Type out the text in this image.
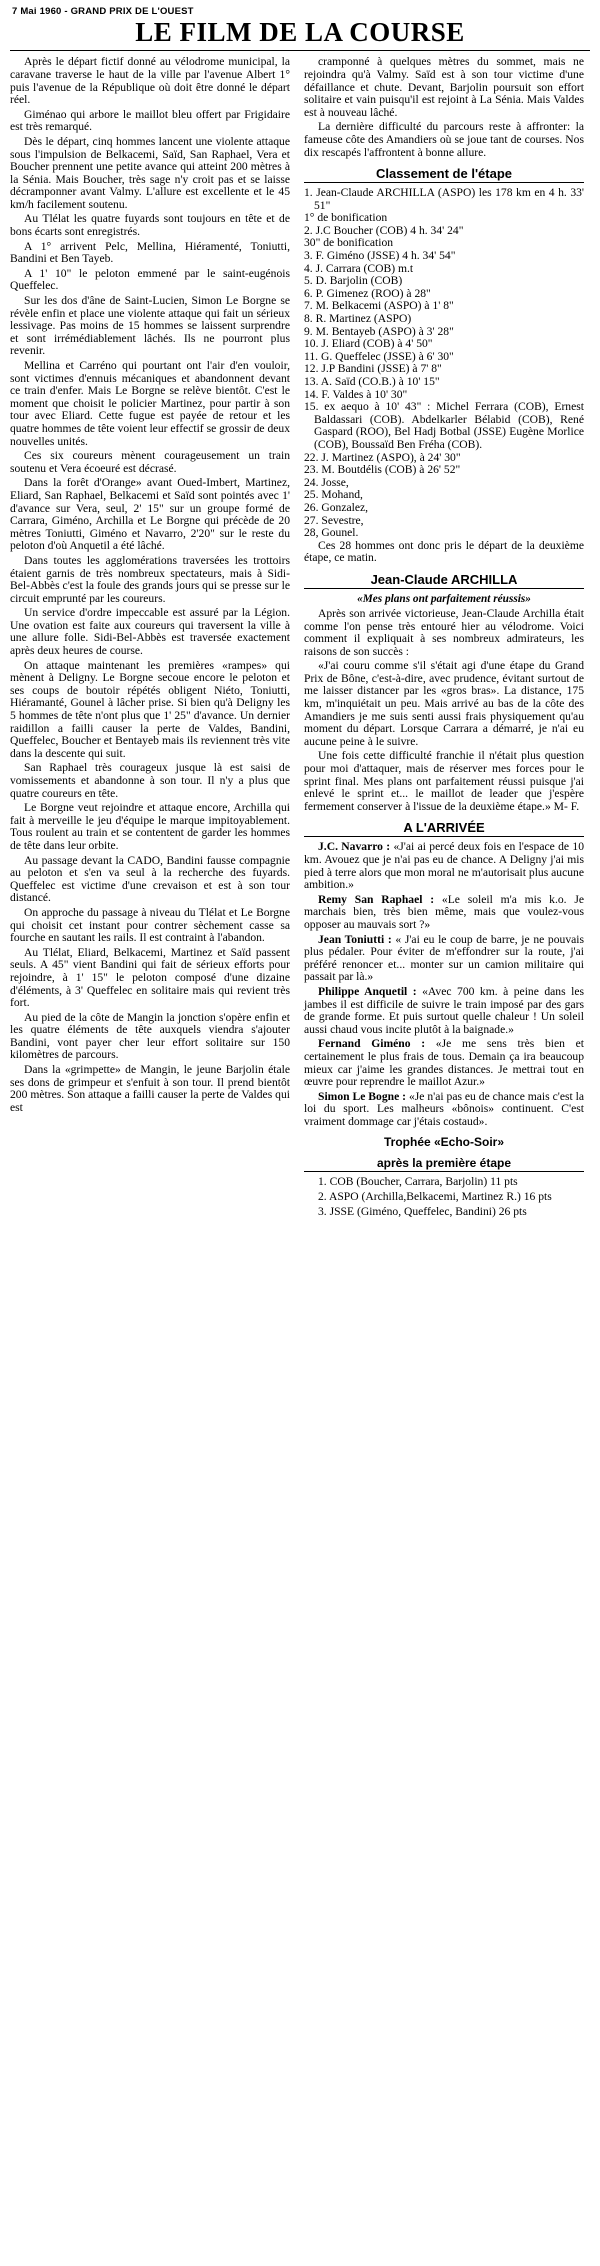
7 Mai 1960 - GRAND PRIX DE L'OUEST
LE FILM DE LA COURSE

Après le départ fictif donné au vélodrome municipal, la caravane traverse le haut de la ville par l'avenue Albert 1° puis l'avenue de la République où doit être donné le départ réel.

Giménao qui arbore le maillot bleu offert par Frigidaire est très remarqué.

Dès le départ, cinq hommes lancent une violente attaque sous l'impulsion de Belkacemi, Saïd, San Raphael, Vera et Boucher prennent une petite avance qui atteint 200 mètres à la Sénia. Mais Boucher, très sage n'y croit pas et se laisse décramponner avant Valmy. L'allure est excellente et le 45 km/h facilement soutenu.

Au Tlélat les quatre fuyards sont toujours en tête et de bons écarts sont enregistrés.

A 1° arrivent Pelc, Mellina, Hiéramenté, Toniutti, Bandini et Ben Tayeb.

A 1' 10" le peloton emmené par le saint-eugénois Queffelec.

Sur les dos d'âne de Saint-Lucien, Simon Le Borgne se révèle enfin et place une violente attaque qui fait un sérieux lessivage. Pas moins de 15 hommes se laissent surprendre et sont irrémédiablement lâchés. Ils ne pourront plus revenir.

Mellina et Carréno qui pourtant ont l'air d'en vouloir, sont victimes d'ennuis mécaniques et abandonnent devant ce train d'enfer. Mais Le Borgne se relève bientôt. C'est le moment que choisit le policier Martinez, pour partir à son tour avec Eliard. Cette fugue est payée de retour et les quatre hommes de tête voient leur effectif se grossir de deux nouvelles unités.

Ces six coureurs mènent courageusement un train soutenu et Vera écoeuré est décrasé.

Dans la forêt d'Orange» avant Oued-Imbert, Martinez, Eliard, San Raphael, Belkacemi et Saïd sont pointés avec 1' d'avance sur Vera, seul, 2' 15" sur un groupe formé de Carrara, Giméno, Archilla et Le Borgne qui précède de 20 mètres Toniutti, Giméno et Navarro, 2'20" sur le reste du peloton d'où Anquetil a été lâché.

Dans toutes les agglomérations traversées les trottoirs étaient garnis de très nombreux spectateurs, mais à Sidi-Bel-Abbès c'est la foule des grands jours qui se presse sur le circuit emprunté par les coureurs.

Un service d'ordre impeccable est assuré par la Légion. Une ovation est faite aux coureurs qui traversent la ville à une allure folle. Sidi-Bel-Abbès est traversée exactement après deux heures de course.

On attaque maintenant les premières «rampes» qui mènent à Deligny. Le Borgne secoue encore le peloton et ses coups de boutoir répétés obligent Niéto, Toniutti, Hiéramanté, Gounel à lâcher prise. Si bien qu'à Deligny les 5 hommes de tête n'ont plus que 1' 25" d'avance. Un dernier raidillon a failli causer la perte de Valdes, Bandini, Queffelec, Boucher et Bentayeb mais ils reviennent très vite dans la descente qui suit.

San Raphael très courageux jusque là est saisi de vomissements et abandonne à son tour. Il n'y a plus que quatre coureurs en tête.

Le Borgne veut rejoindre et attaque encore, Archilla qui fait à merveille le jeu d'équipe le marque impitoyablement. Tous roulent au train et se contentent de garder les hommes de tête dans leur orbite.

Au passage devant la CADO, Bandini fausse compagnie au peloton et s'en va seul à la recherche des fuyards. Queffelec est victime d'une crevaison et est à son tour distancé.

On approche du passage à niveau du Tlélat et Le Borgne qui choisit cet instant pour contrer sèchement casse sa fourche en sautant les rails. Il est contraint à l'abandon.

Au Tlélat, Eliard, Belkacemi, Martinez et Saïd passent seuls. A 45" vient Bandini qui fait de sérieux efforts pour rejoindre, à 1' 15" le peloton composé d'une dizaine d'éléments, à 3' Queffelec en solitaire mais qui revient très fort.

Au pied de la côte de Mangin la jonction s'opère enfin et les quatre éléments de tête auxquels viendra s'ajouter Bandini, vont payer cher leur effort solitaire sur 150 kilomètres de parcours.

Dans la «grimpette» de Mangin, le jeune Barjolin étale ses dons de grimpeur et s'enfuit à son tour. Il prend bientôt 200 mètres. Son attaque a failli causer la perte de Valdes qui est

cramponné à quelques mètres du sommet, mais ne rejoindra qu'à Valmy. Saïd est à son tour victime d'une défaillance et chute. Devant, Barjolin poursuit son effort solitaire et vain puisqu'il est rejoint à La Sénia. Mais Valdes est à nouveau lâché.

La dernière difficulté du parcours reste à affronter: la fameuse côte des Amandiers où se joue tant de courses. Nos dix rescapés l'affrontent à bonne allure.

Classement de l'étape
1. Jean-Claude ARCHILLA (ASPO) les 178 km en 4 h. 33' 51"
1° de bonification
2. J.C Boucher (COB) 4 h. 34' 24"
30" de bonification
3. F. Giméno (JSSE) 4 h. 34' 54"
4. J. Carrara (COB) m.t
5. D. Barjolin (COB)
6. P. Gimenez (ROO) à 28"
7. M. Belkacemi (ASPO) à 1' 8"
8. R. Martinez (ASPO)
9. M. Bentayeb (ASPO) à 3' 28"
10. J. Eliard (COB) à 4' 50"
11. G. Queffelec (JSSE) à 6' 30"
12. J.P Bandini (JSSE) à 7' 8"
13. A. Saïd (CO.B.) à 10' 15"
14. F. Valdes à 10' 30"
15. ex aequo à 10' 43" : Michel Ferrara (COB), Ernest Baldassari (COB). Abdelkarler Bélabid (COB), René Gaspard (ROO), Bel Hadj Botbal (JSSE) Eugène Morlice (COB), Boussaïd Ben Fréha (COB).
22. J. Martinez (ASPO), à 24' 30"
23. M. Boutdélis (COB) à 26' 52"
24. Josse,
25. Mohand,
26. Gonzalez,
27. Sevestre,
28, Gounel.

Ces 28 hommes ont donc pris le départ de la deuxième étape, ce matin.

Jean-Claude ARCHILLA
«Mes plans ont parfaitement réussis»

Après son arrivée victorieuse, Jean-Claude Archilla était comme l'on pense très entouré hier au vélodrome. Voici comment il expliquait à ses nombreux admirateurs, les raisons de son succès :

«J'ai couru comme s'il s'était agi d'une étape du Grand Prix de Bône, c'est-à-dire, avec prudence, évitant surtout de me laisser distancer par les «gros bras». La distance, 175 km, m'inquiétait un peu. Mais arrivé au bas de la côte des Amandiers je me suis senti aussi frais physiquement qu'au moment du départ. Lorsque Carrara a démarré, je n'ai eu aucune peine à le suivre.

Une fois cette difficulté franchie il n'était plus question pour moi d'attaquer, mais de réserver mes forces pour le sprint final. Mes plans ont parfaitement réussi puisque j'ai enlevé le sprint et... le maillot de leader que j'espère fermement conserver à l'issue de la deuxième étape.» M- F.

A L'ARRIVÉE

J.C. Navarro : «J'ai ai percé deux fois en l'espace de 10 km. Avouez que je n'ai pas eu de chance. A Deligny j'ai mis pied à terre alors que mon moral ne m'autorisait plus aucune ambition.»

Remy San Raphael : «Le soleil m'a mis k.o. Je marchais bien, très bien même, mais que voulez-vous opposer au mauvais sort ?»

Jean Toniutti : « J'ai eu le coup de barre, je ne pouvais plus pédaler. Pour éviter de m'effondrer sur la route, j'ai préféré renoncer et... monter sur un camion militaire qui passait par là.»

Philippe Anquetil : «Avec 700 km. à peine dans les jambes il est difficile de suivre le train imposé par des gars de grande forme. Et puis surtout quelle chaleur ! Un soleil aussi chaud vous incite plutôt à la baignade.»

Fernand Giméno : «Je me sens très bien et certainement le plus frais de tous. Demain ça ira beaucoup mieux car j'aime les grandes distances. Je mettrai tout en œuvre pour reprendre le maillot Azur.»

Simon Le Bogne : «Je n'ai pas eu de chance mais c'est la loi du sport. Les malheurs «bônois» continuent. C'est vraiment dommage car j'étais costaud».

Trophée «Echo-Soir»
après la première étape

1. COB (Boucher, Carrara, Barjolin) 11 pts

2. ASPO (Archilla,Belkacemi, Martinez R.) 16 pts

3. JSSE (Giméno, Queffelec, Bandini) 26 pts
